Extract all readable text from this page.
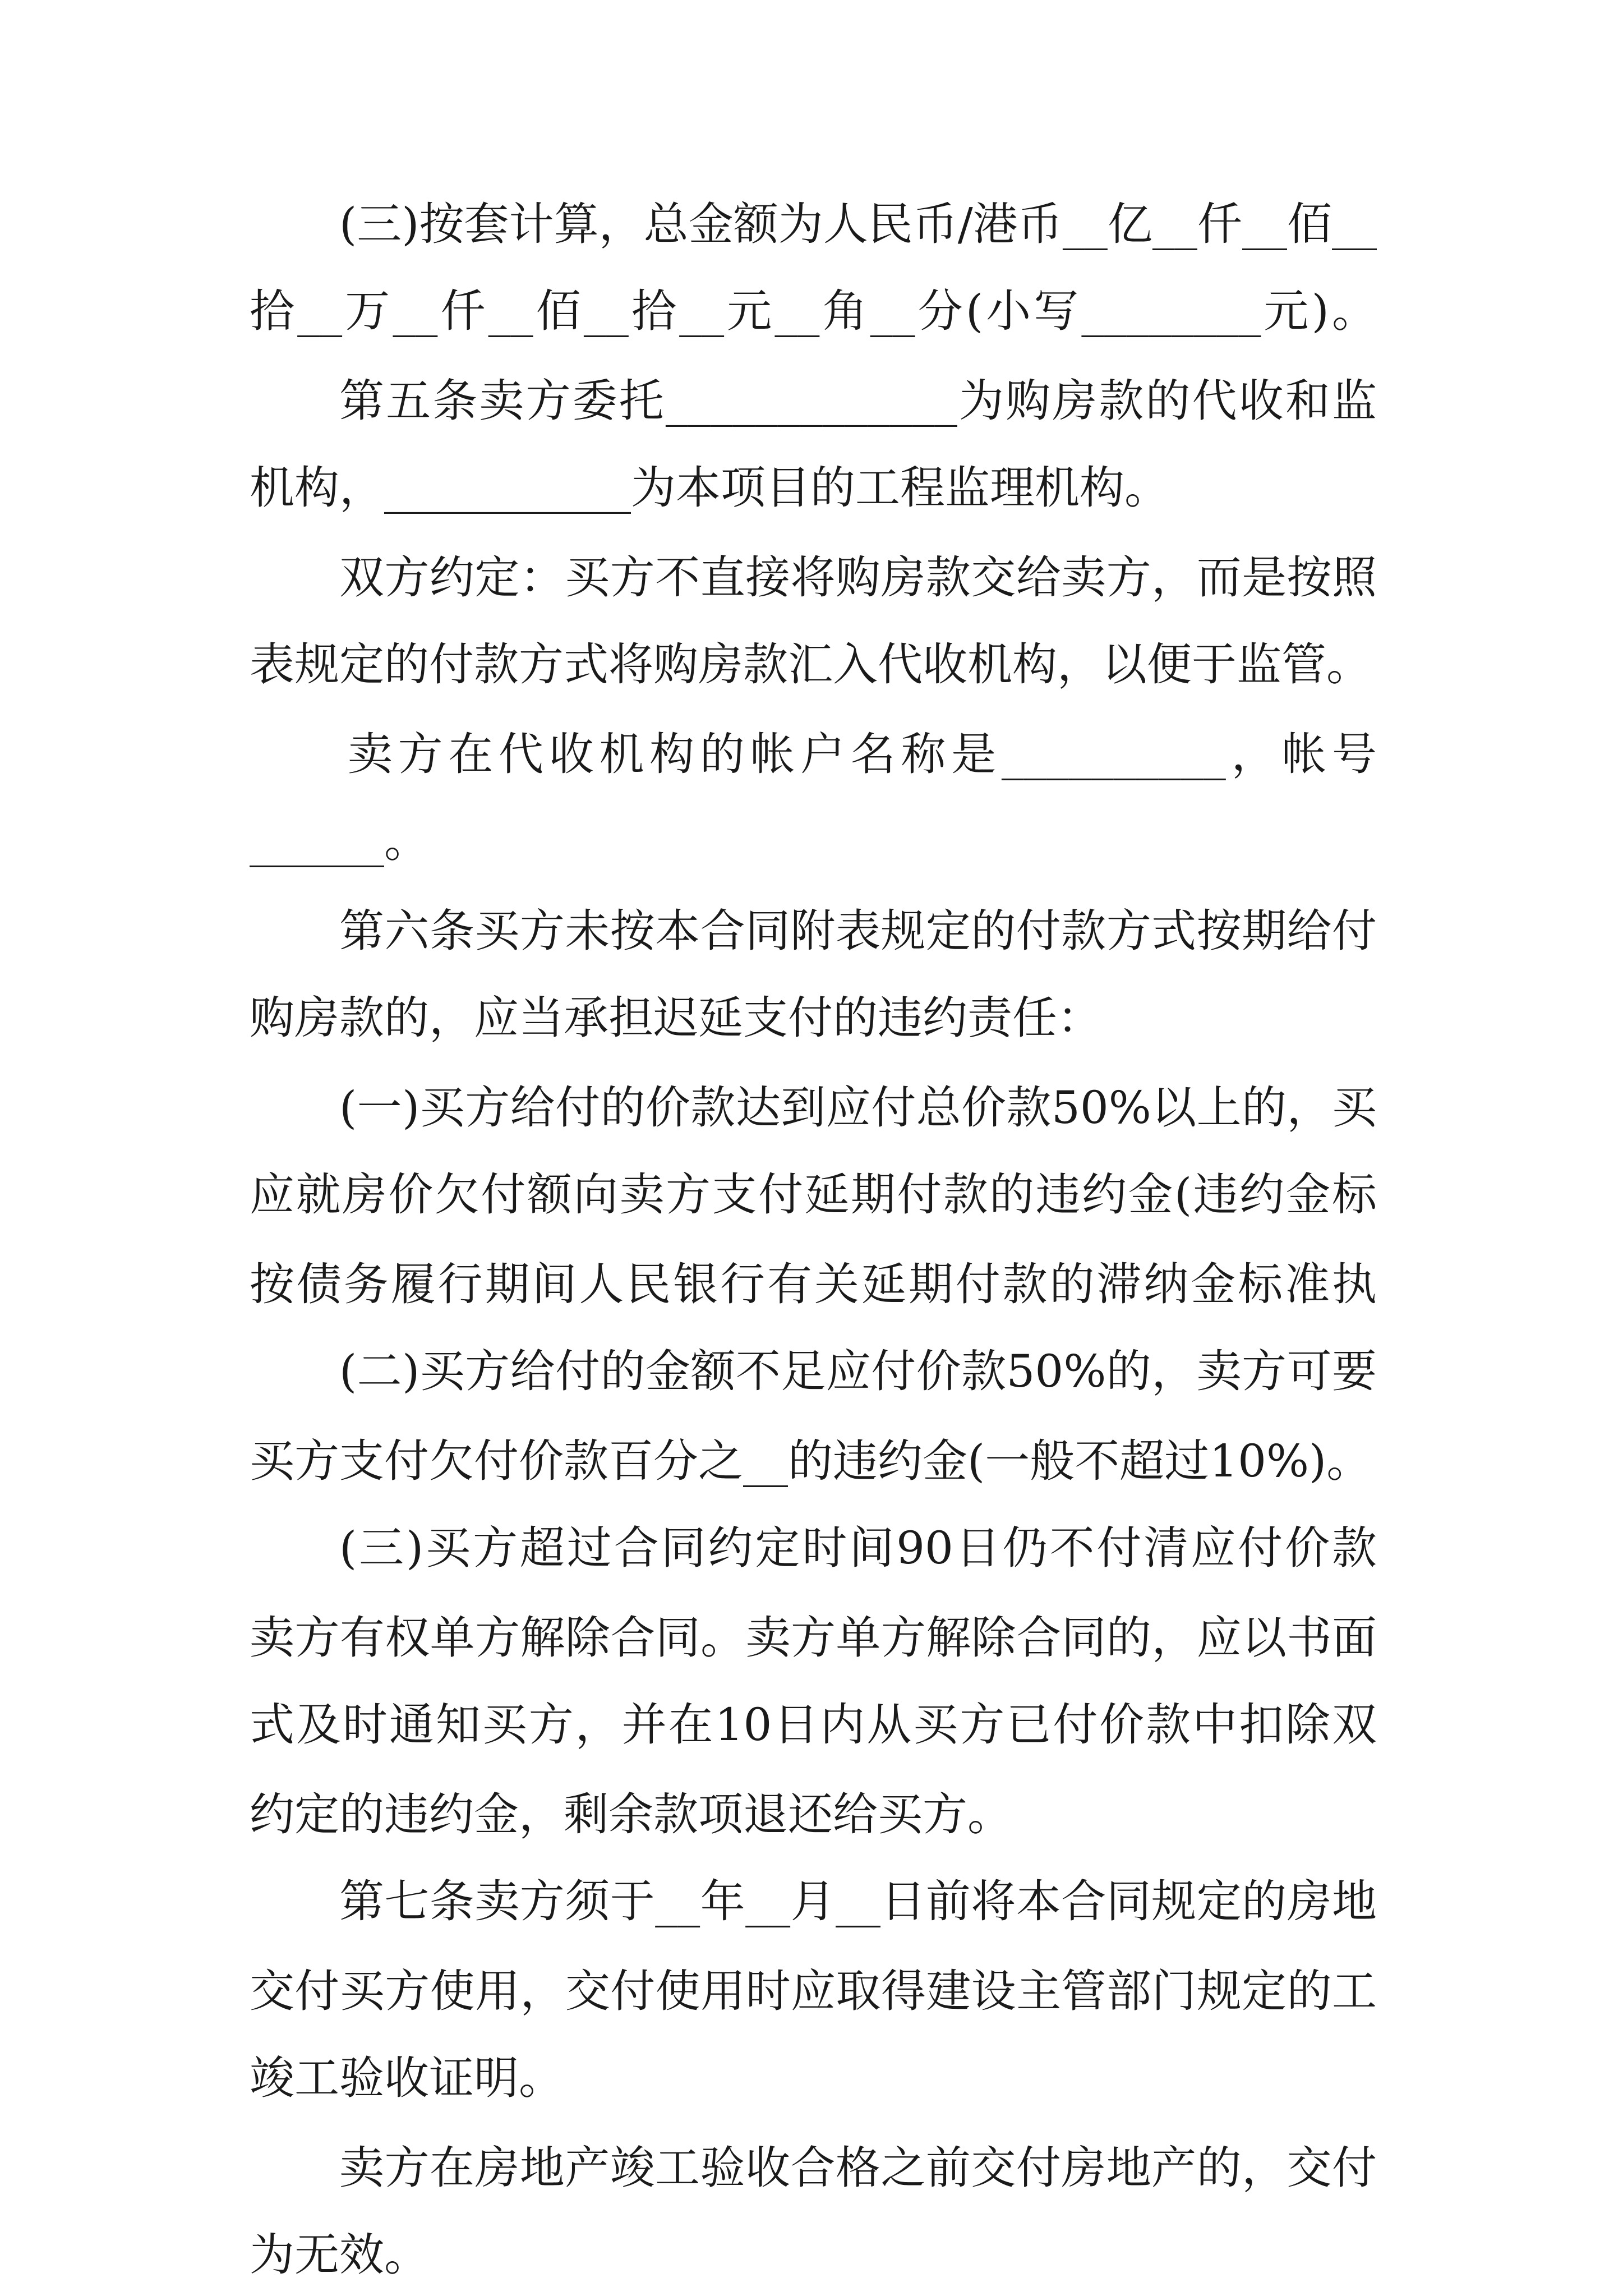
(三)按套计算，总金额为人民币/港币__亿__仟__佰__
拾__万__仟__佰__拾__元__角__分(小写________元)。
第五条卖方委托_____________为购房款的代收和监
机构，___________为本项目的工程监理机构。
双方约定：买方不直接将购房款交给卖方，而是按照
表规定的付款方式将购房款汇入代收机构，以便于监管。
卖方在代收机构的帐户名称是__________，帐号
______。
第六条买方未按本合同附表规定的付款方式按期给付
购房款的，应当承担迟延支付的违约责任：
(一)买方给付的价款达到应付总价款50%以上的，买
应就房价欠付额向卖方支付延期付款的违约金(违约金标
按债务履行期间人民银行有关延期付款的滞纳金标准执
(二)买方给付的金额不足应付价款50%的，卖方可要
买方支付欠付价款百分之__的违约金(一般不超过10%)。
(三)买方超过合同约定时间90日仍不付清应付价款
卖方有权单方解除合同。卖方单方解除合同的，应以书面
式及时通知买方，并在10日内从买方已付价款中扣除双
约定的违约金，剩余款项退还给买方。
第七条卖方须于__年__月__日前将本合同规定的房地
交付买方使用，交付使用时应取得建设主管部门规定的工
竣工验收证明。
卖方在房地产竣工验收合格之前交付房地产的，交付
为无效。
